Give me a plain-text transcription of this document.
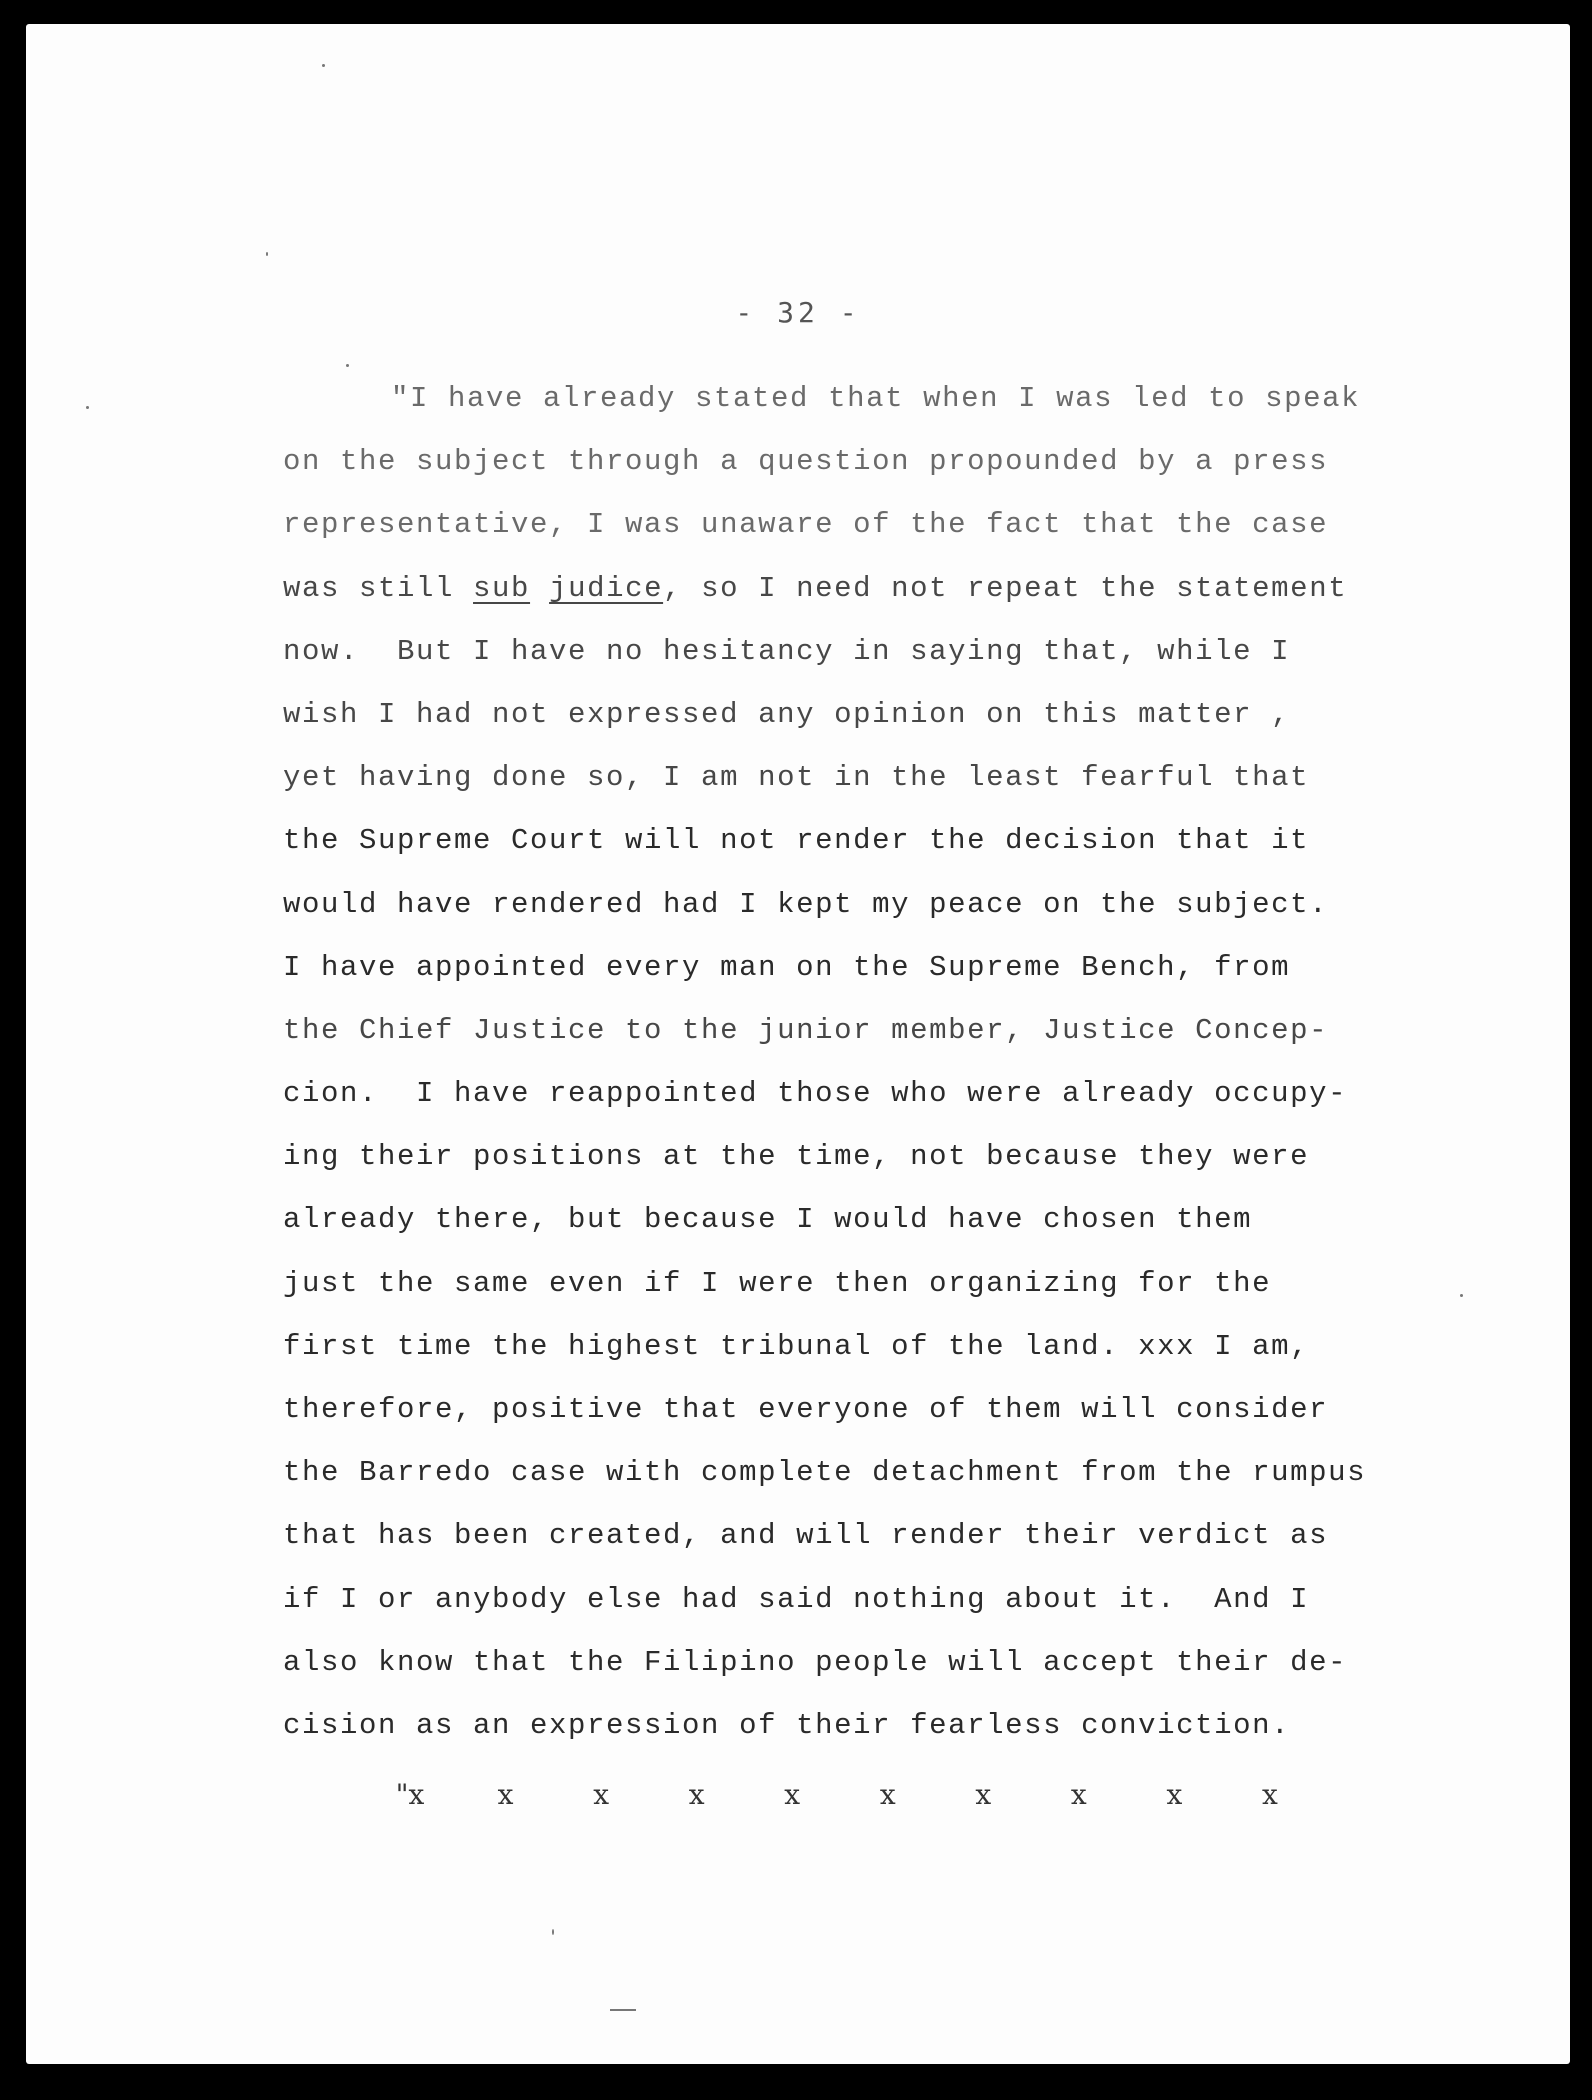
- 32 -
"I have already stated that when I was led to speak
on the subject through a question propounded by a press
representative, I was unaware of the fact that the case
was still sub judice, so I need not repeat the statement
now.  But I have no hesitancy in saying that, while I
wish I had not expressed any opinion on this matter ,
yet having done so, I am not in the least fearful that
the Supreme Court will not render the decision that it
would have rendered had I kept my peace on the subject.
I have appointed every man on the Supreme Bench, from
the Chief Justice to the junior member, Justice Concep-
cion.  I have reappointed those who were already occupy-
ing their positions at the time, not because they were
already there, but because I would have chosen them
just the same even if I were then organizing for the
first time the highest tribunal of the land. xxx I am,
therefore, positive that everyone of them will consider
the Barredo case with complete detachment from the rumpus
that has been created, and will render their verdict as
if I or anybody else had said nothing about it.  And I
also know that the Filipino people will accept their de-
cision as an expression of their fearless conviction.
"x	x	x	x	x	x	x	x	x	x
